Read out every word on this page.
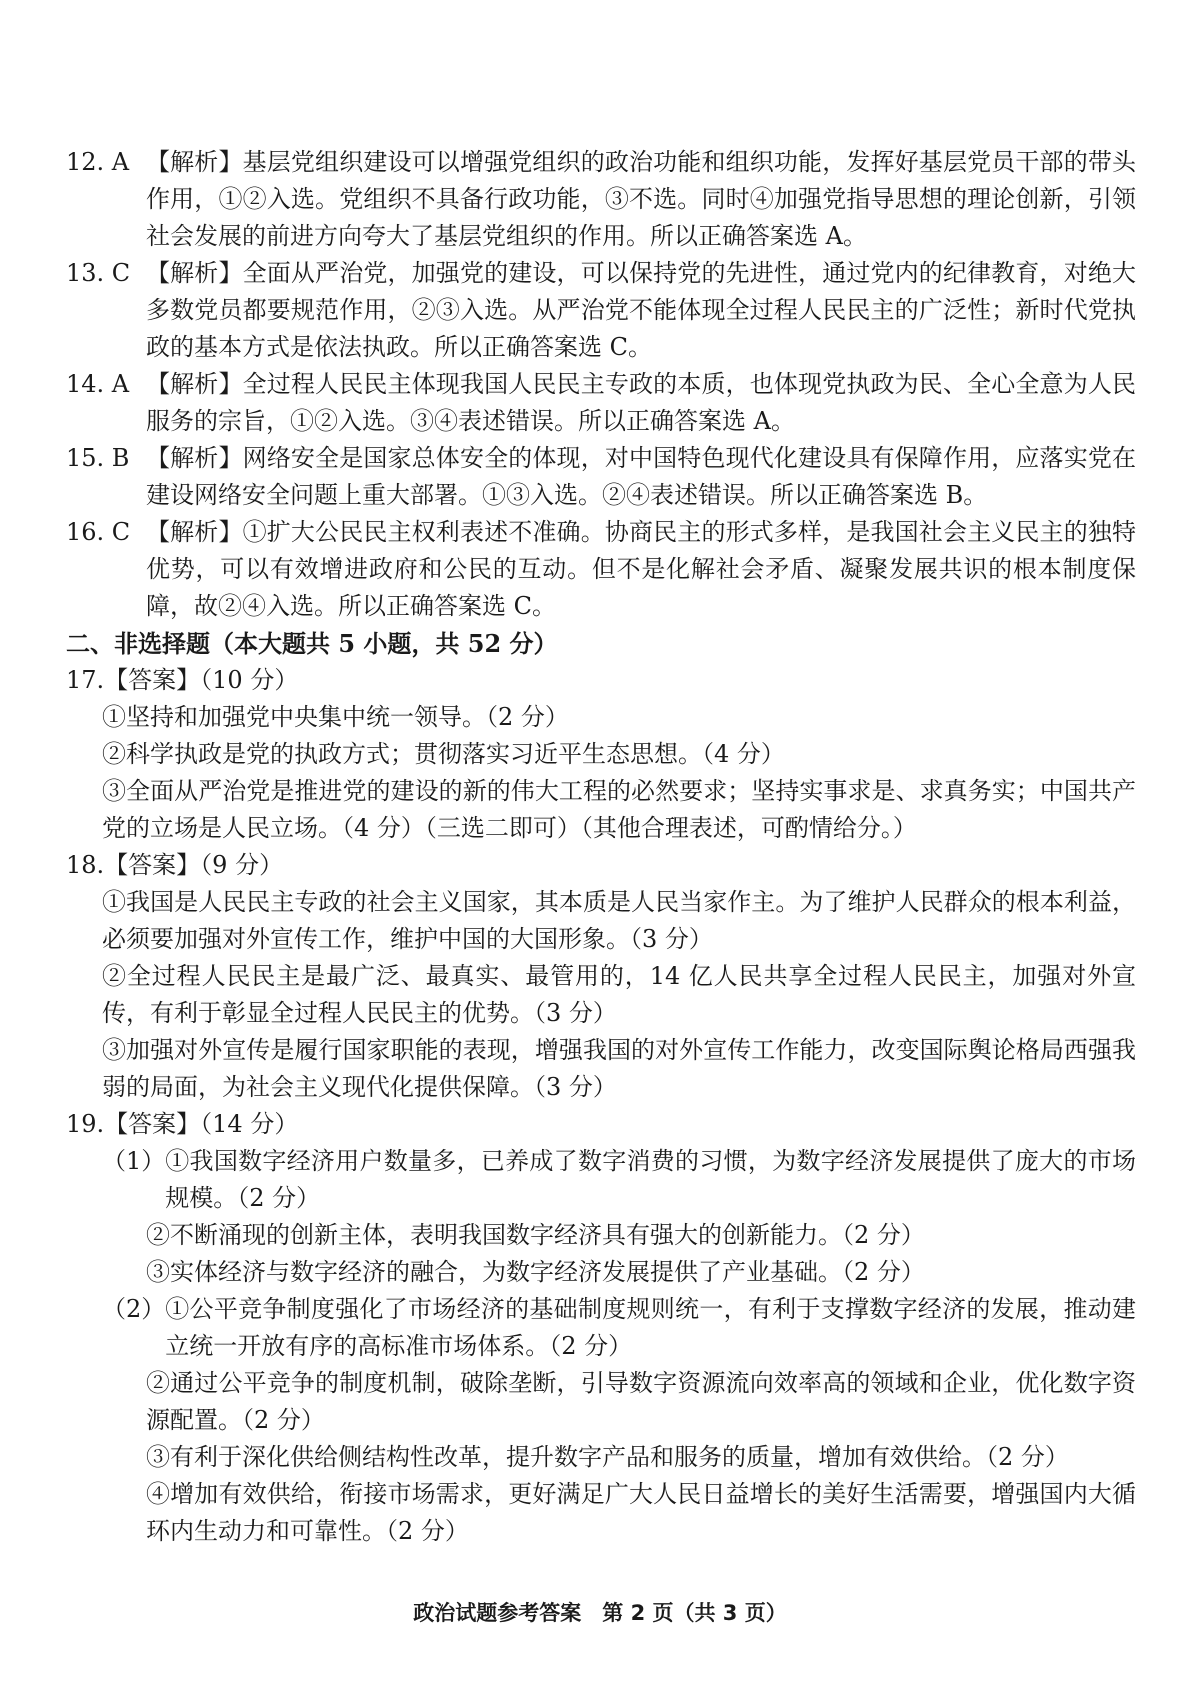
12. A 【解析】基层党组织建设可以增强党组织的政治功能和组织功能，发挥好基层党员干部的带头作用，①②入选。党组织不具备行政功能，③不选。同时④加强党指导思想的理论创新，引领社会发展的前进方向夸大了基层党组织的作用。所以正确答案选 A。
13. C 【解析】全面从严治党，加强党的建设，可以保持党的先进性，通过党内的纪律教育，对绝大多数党员都要规范作用，②③入选。从严治党不能体现全过程人民民主的广泛性；新时代党执政的基本方式是依法执政。所以正确答案选 C。
14. A 【解析】全过程人民民主体现我国人民民主专政的本质，也体现党执政为民、全心全意为人民服务的宗旨，①②入选。③④表述错误。所以正确答案选 A。
15. B 【解析】网络安全是国家总体安全的体现，对中国特色现代化建设具有保障作用，应落实党在建设网络安全问题上重大部署。①③入选。②④表述错误。所以正确答案选 B。
16. C 【解析】①扩大公民民主权利表述不准确。协商民主的形式多样，是我国社会主义民主的独特优势，可以有效增进政府和公民的互动。但不是化解社会矛盾、凝聚发展共识的根本制度保障，故②④入选。所以正确答案选 C。
二、非选择题（本大题共 5 小题，共 52 分）
17.【答案】（10 分）
①坚持和加强党中央集中统一领导。（2 分）
②科学执政是党的执政方式；贯彻落实习近平生态思想。（4 分）
③全面从严治党是推进党的建设的新的伟大工程的必然要求；坚持实事求是、求真务实；中国共产党的立场是人民立场。（4 分）（三选二即可）（其他合理表述，可酌情给分。）
18.【答案】（9 分）
①我国是人民民主专政的社会主义国家，其本质是人民当家作主。为了维护人民群众的根本利益，必须要加强对外宣传工作，维护中国的大国形象。（3 分）
②全过程人民民主是最广泛、最真实、最管用的，14 亿人民共享全过程人民民主，加强对外宣传，有利于彰显全过程人民民主的优势。（3 分）
③加强对外宣传是履行国家职能的表现，增强我国的对外宣传工作能力，改变国际舆论格局西强我弱的局面，为社会主义现代化提供保障。（3 分）
19.【答案】（14 分）
（1） ①我国数字经济用户数量多，已养成了数字消费的习惯，为数字经济发展提供了庞大的市场规模。（2 分）
②不断涌现的创新主体，表明我国数字经济具有强大的创新能力。（2 分）
③实体经济与数字经济的融合，为数字经济发展提供了产业基础。（2 分）
（2） ①公平竞争制度强化了市场经济的基础制度规则统一，有利于支撑数字经济的发展，推动建立统一开放有序的高标准市场体系。（2 分）
②通过公平竞争的制度机制，破除垄断，引导数字资源流向效率高的领域和企业，优化数字资源配置。（2 分）
③有利于深化供给侧结构性改革，提升数字产品和服务的质量，增加有效供给。（2 分）
④增加有效供给，衔接市场需求，更好满足广大人民日益增长的美好生活需要，增强国内大循环内生动力和可靠性。（2 分）
政治试题参考答案　第 2 页（共 3 页）
